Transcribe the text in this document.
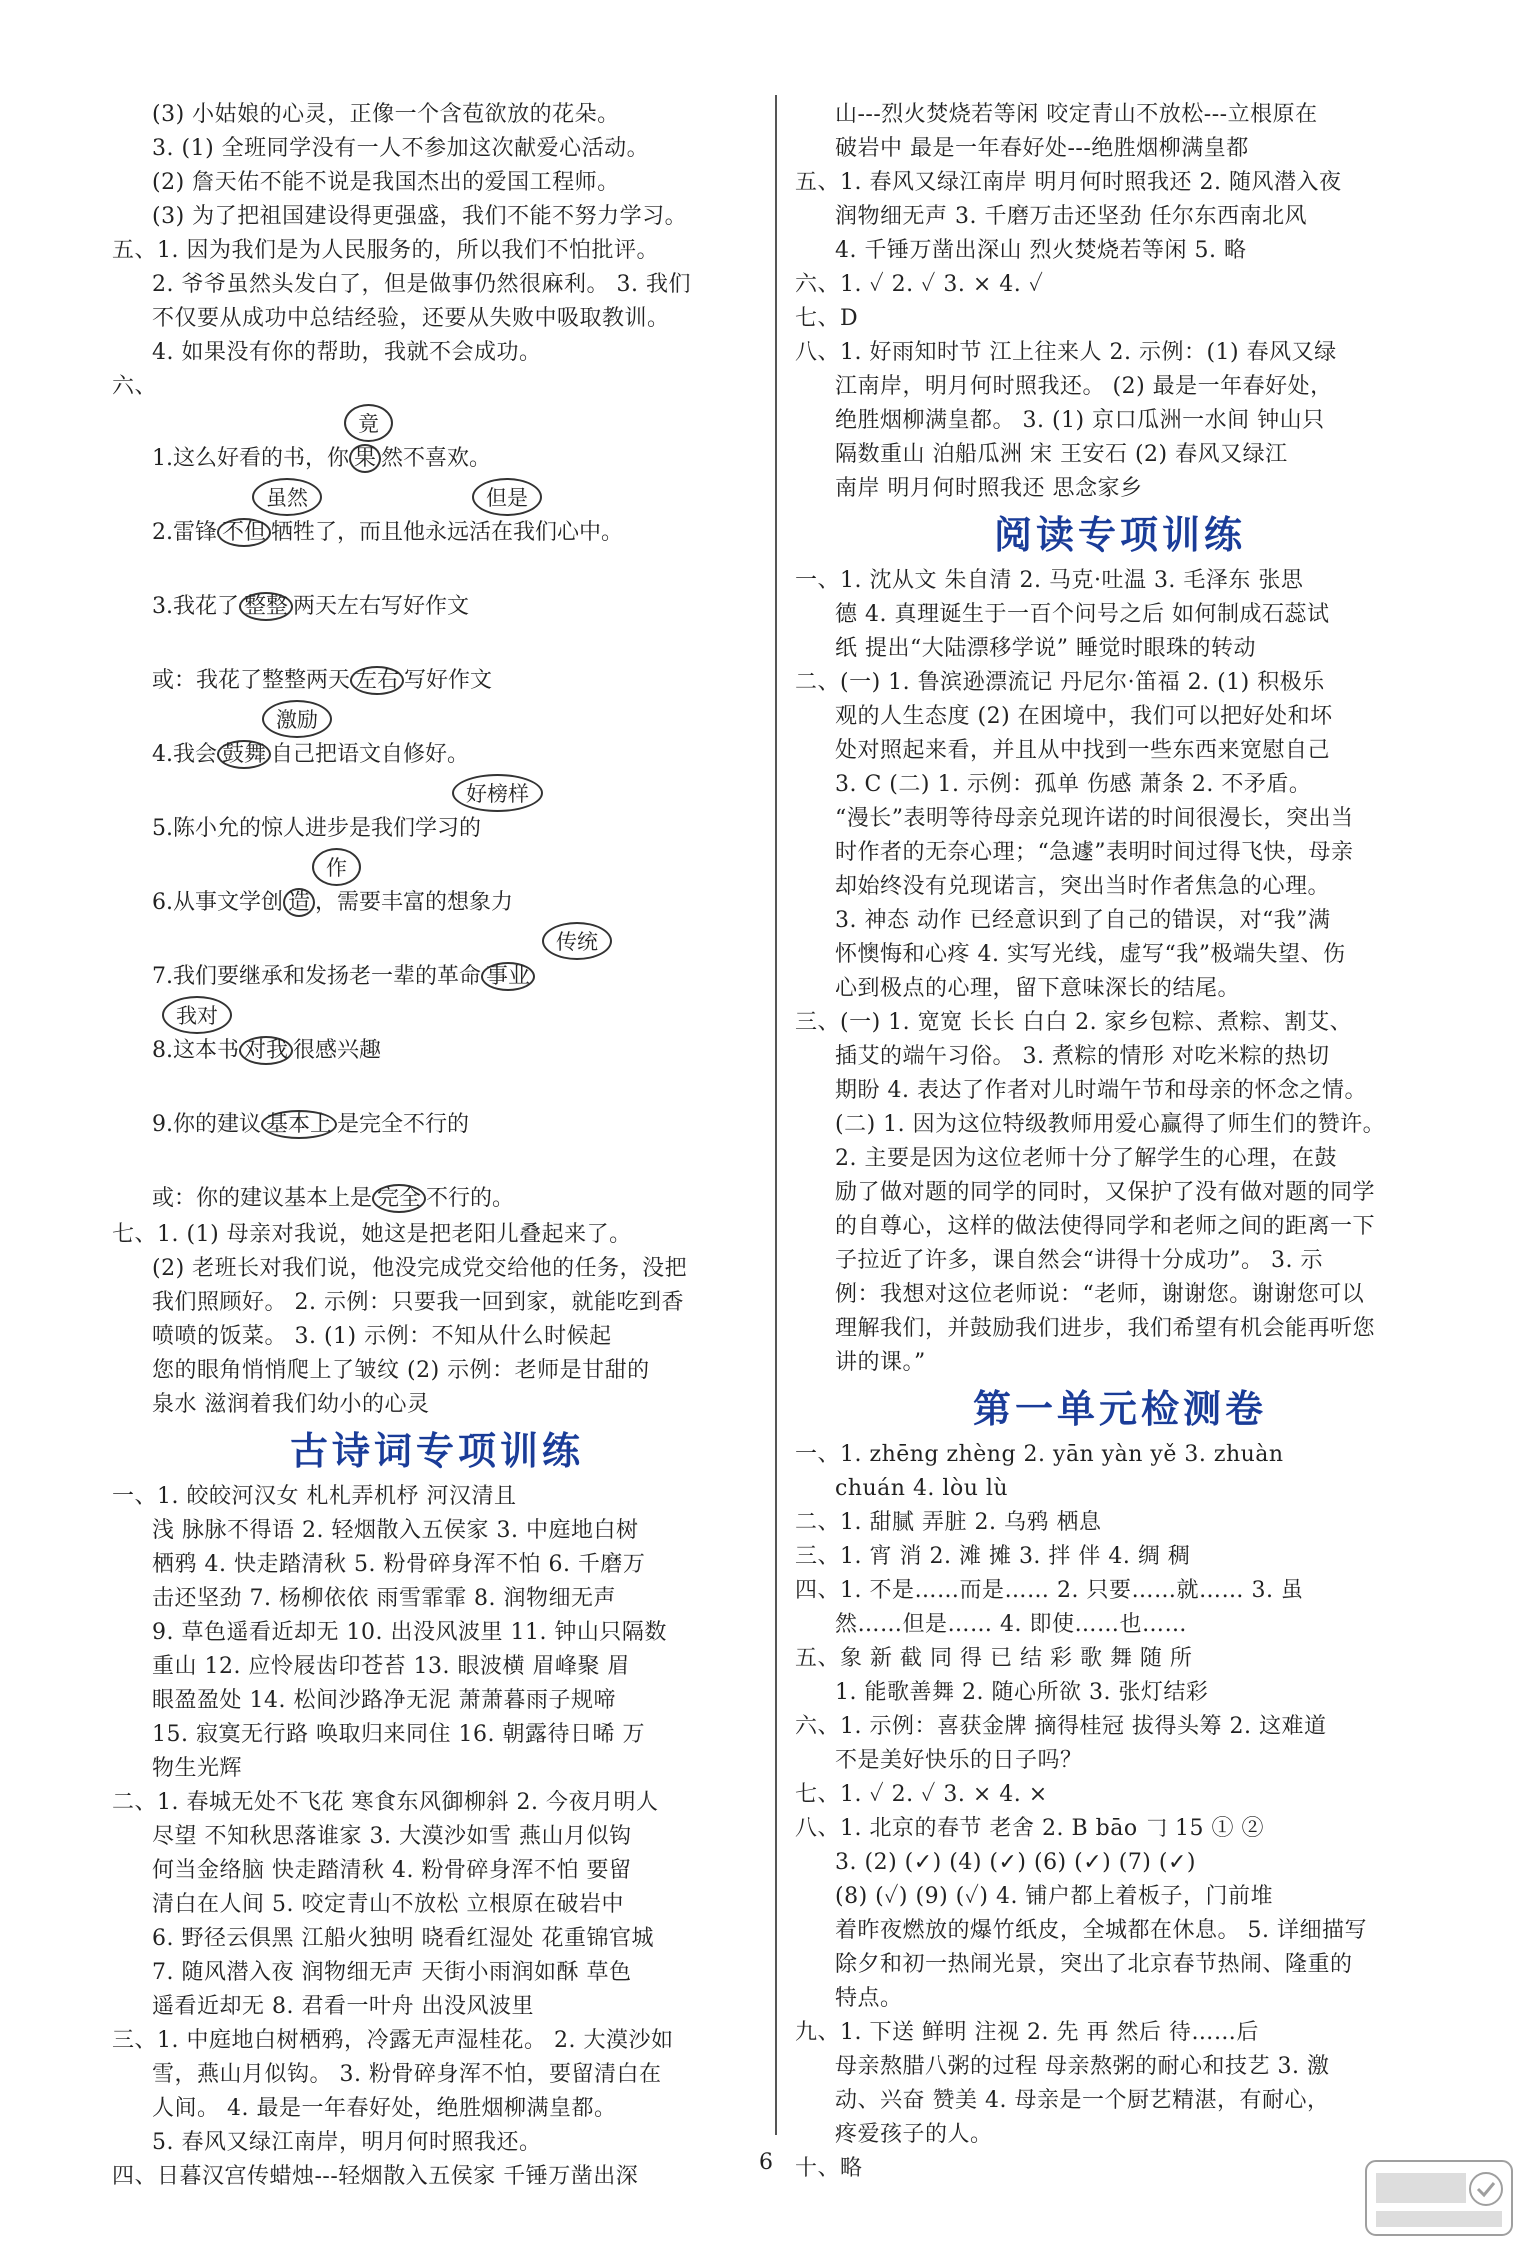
(3) 小姑娘的心灵，正像一个含苞欲放的花朵。
3. (1) 全班同学没有一人不参加这次献爱心活动。
(2) 詹天佑不能不说是我国杰出的爱国工程师。
(3) 为了把祖国建设得更强盛，我们不能不努力学习。
五、1. 因为我们是为人民服务的，所以我们不怕批评。
2. 爷爷虽然头发白了，但是做事仍然很麻利。 3. 我们
不仅要从成功中总结经验，还要从失败中吸取教训。
4. 如果没有你的帮助，我就不会成功。
六、
1.这么好看的书，你 果 然不喜欢。
竟
2.雷锋 不但 牺牲了，而且他永远活在我们心中。
虽然	但是
3.我花了 整整 两天左右写好作文
或：我花了整整两天 左右 写好作文
4.我会 鼓舞 自己把语文自修好。
激励
5.陈小允的惊人进步是我们学习的
好榜样
6.从事文学创 造 ，需要丰富的想象力
作
7.我们要继承和发扬老一辈的革命 事业
传统
8.这本书 对我 很感兴趣
我对
9.你的建议 基本上 是完全不行的
或：你的建议基本上是 完全 不行的。
七、1. (1) 母亲对我说，她这是把老阳儿叠起来了。
(2) 老班长对我们说，他没完成党交给他的任务，没把
我们照顾好。 2. 示例：只要我一回到家，就能吃到香
喷喷的饭菜。 3. (1) 示例：不知从什么时候起
您的眼角悄悄爬上了皱纹 (2) 示例：老师是甘甜的
泉水 滋润着我们幼小的心灵
古诗词专项训练
一、1. 皎皎河汉女 札札弄机杼 河汉清且
浅 脉脉不得语 2. 轻烟散入五侯家 3. 中庭地白树
栖鸦 4. 快走踏清秋 5. 粉骨碎身浑不怕 6. 千磨万
击还坚劲 7. 杨柳依依 雨雪霏霏 8. 润物细无声
9. 草色遥看近却无 10. 出没风波里 11. 钟山只隔数
重山 12. 应怜屐齿印苍苔 13. 眼波横 眉峰聚 眉
眼盈盈处 14. 松间沙路净无泥 萧萧暮雨子规啼
15. 寂寞无行路 唤取归来同住 16. 朝露待日晞 万
物生光辉
二、1. 春城无处不飞花 寒食东风御柳斜 2. 今夜月明人
尽望 不知秋思落谁家 3. 大漠沙如雪 燕山月似钩
何当金络脑 快走踏清秋 4. 粉骨碎身浑不怕 要留
清白在人间 5. 咬定青山不放松 立根原在破岩中
6. 野径云俱黑 江船火独明 晓看红湿处 花重锦官城
7. 随风潜入夜 润物细无声 天街小雨润如酥 草色
遥看近却无 8. 君看一叶舟 出没风波里
三、1. 中庭地白树栖鸦，冷露无声湿桂花。 2. 大漠沙如
雪，燕山月似钩。 3. 粉骨碎身浑不怕，要留清白在
人间。 4. 最是一年春好处，绝胜烟柳满皇都。
5. 春风又绿江南岸，明月何时照我还。
四、日暮汉宫传蜡烛---轻烟散入五侯家 千锤万凿出深
山---烈火焚烧若等闲 咬定青山不放松---立根原在
破岩中 最是一年春好处---绝胜烟柳满皇都
五、1. 春风又绿江南岸 明月何时照我还 2. 随风潜入夜
润物细无声 3. 千磨万击还坚劲 任尔东西南北风
4. 千锤万凿出深山 烈火焚烧若等闲 5. 略
六、1. ✓ 2. ✓ 3. × 4. ✓
七、D
八、1. 好雨知时节 江上往来人 2. 示例：(1) 春风又绿
江南岸，明月何时照我还。 (2) 最是一年春好处，
绝胜烟柳满皇都。 3. (1) 京口瓜洲一水间 钟山只
隔数重山 泊船瓜洲 宋 王安石 (2) 春风又绿江
南岸 明月何时照我还 思念家乡
阅读专项训练
一、1. 沈从文 朱自清 2. 马克·吐温 3. 毛泽东 张思
德 4. 真理诞生于一百个问号之后 如何制成石蕊试
纸 提出“大陆漂移学说” 睡觉时眼珠的转动
二、(一) 1. 鲁滨逊漂流记 丹尼尔·笛福 2. (1) 积极乐
观的人生态度 (2) 在困境中，我们可以把好处和坏
处对照起来看，并且从中找到一些东西来宽慰自己
3. C (二) 1. 示例：孤单 伤感 萧条 2. 不矛盾。
“漫长”表明等待母亲兑现许诺的时间很漫长，突出当
时作者的无奈心理；“急遽”表明时间过得飞快，母亲
却始终没有兑现诺言，突出当时作者焦急的心理。
3. 神态 动作 已经意识到了自己的错误，对“我”满
怀懊悔和心疼 4. 实写光线，虚写“我”极端失望、伤
心到极点的心理，留下意味深长的结尾。
三、(一) 1. 宽宽 长长 白白 2. 家乡包粽、煮粽、割艾、
插艾的端午习俗。 3. 煮粽的情形 对吃米粽的热切
期盼 4. 表达了作者对儿时端午节和母亲的怀念之情。
(二) 1. 因为这位特级教师用爱心赢得了师生们的赞许。
2. 主要是因为这位老师十分了解学生的心理，在鼓
励了做对题的同学的同时，又保护了没有做对题的同学
的自尊心，这样的做法使得同学和老师之间的距离一下
子拉近了许多，课自然会“讲得十分成功”。 3. 示
例：我想对这位老师说：“老师，谢谢您。谢谢您可以
理解我们，并鼓励我们进步，我们希望有机会能再听您
讲的课。”
第一单元检测卷
一、1. zhēng zhèng 2. yān yàn yě 3. zhuàn
chuán 4. lòu lù
二、1. 甜腻 弄脏 2. 乌鸦 栖息
三、1. 宵 消 2. 滩 摊 3. 拌 伴 4. 绸 稠
四、1. 不是……而是…… 2. 只要……就…… 3. 虽
然……但是…… 4. 即使……也……
五、象 新 截 同 得 已 结 彩 歌 舞 随 所
1. 能歌善舞 2. 随心所欲 3. 张灯结彩
六、1. 示例：喜获金牌 摘得桂冠 拔得头筹 2. 这难道
不是美好快乐的日子吗？
七、1. ✓ 2. ✓ 3. × 4. ×
八、1. 北京的春节 老舍 2. B bāo 𠃌 15 ① ②
3. (2) (✓) (4) (✓) (6) (✓) (7) (✓)
(8) (✓) (9) (✓) 4. 铺户都上着板子，门前堆
着昨夜燃放的爆竹纸皮，全城都在休息。 5. 详细描写
除夕和初一热闹光景，突出了北京春节热闹、隆重的
特点。
九、1. 下送 鲜明 注视 2. 先 再 然后 待……后
母亲熬腊八粥的过程 母亲熬粥的耐心和技艺 3. 激
动、兴奋 赞美 4. 母亲是一个厨艺精湛，有耐心，
疼爱孩子的人。
十、略
6
